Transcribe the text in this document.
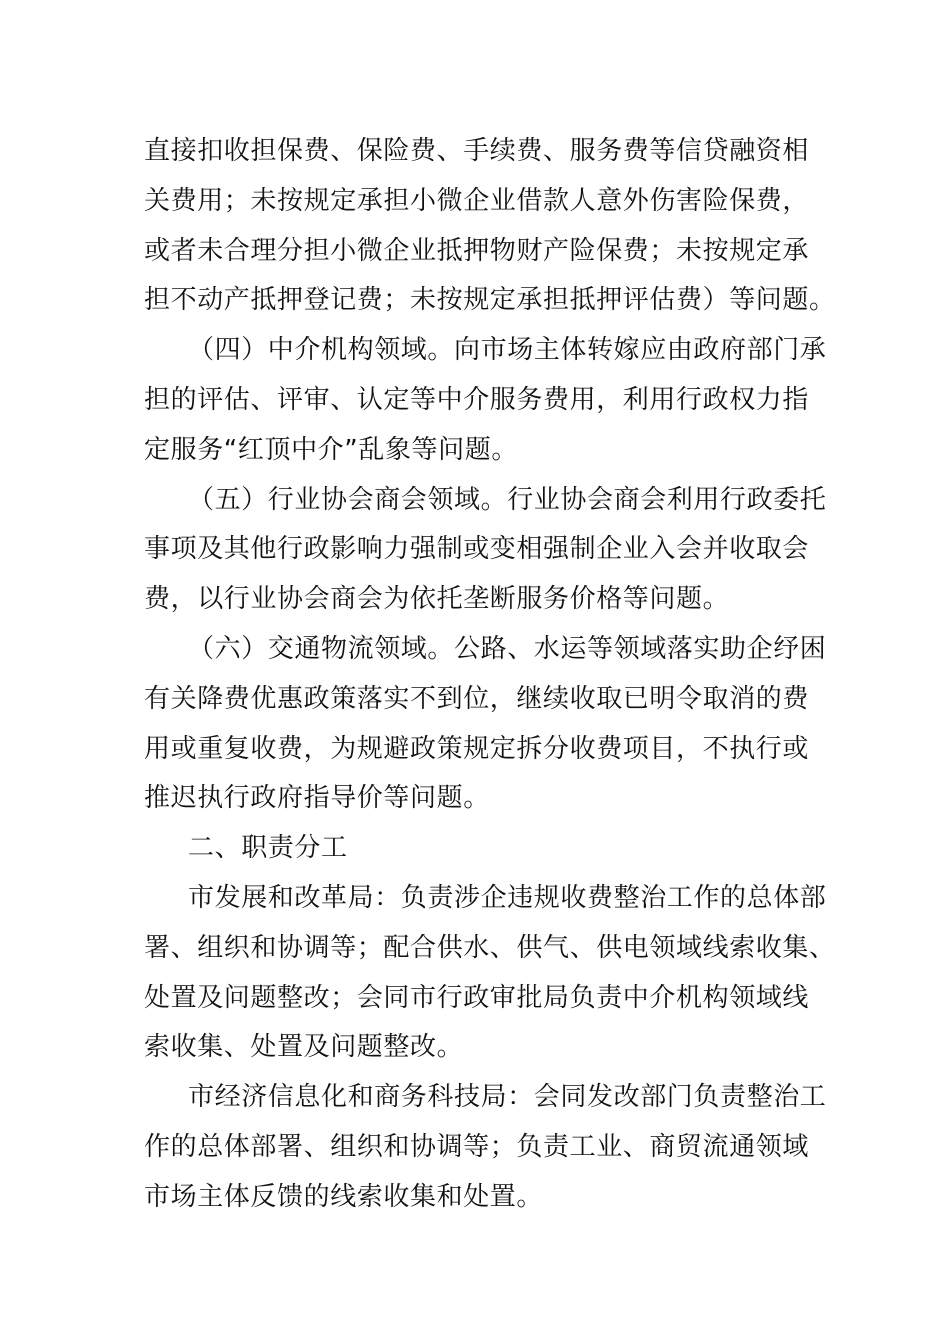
直接扣收担保费、保险费、手续费、服务费等信贷融资相
关费用；未按规定承担小微企业借款人意外伤害险保费，
或者未合理分担小微企业抵押物财产险保费；未按规定承
担不动产抵押登记费；未按规定承担抵押评估费）等问题。
（四）中介机构领域。向市场主体转嫁应由政府部门承
担的评估、评审、认定等中介服务费用，利用行政权力指
定服务“红顶中介”乱象等问题。
（五）行业协会商会领域。行业协会商会利用行政委托
事项及其他行政影响力强制或变相强制企业入会并收取会
费，以行业协会商会为依托垄断服务价格等问题。
（六）交通物流领域。公路、水运等领域落实助企纾困
有关降费优惠政策落实不到位，继续收取已明令取消的费
用或重复收费，为规避政策规定拆分收费项目，不执行或
推迟执行政府指导价等问题。
二、职责分工
市发展和改革局：负责涉企违规收费整治工作的总体部
署、组织和协调等；配合供水、供气、供电领域线索收集、
处置及问题整改；会同市行政审批局负责中介机构领域线
索收集、处置及问题整改。
市经济信息化和商务科技局：会同发改部门负责整治工
作的总体部署、组织和协调等；负责工业、商贸流通领域
市场主体反馈的线索收集和处置。
